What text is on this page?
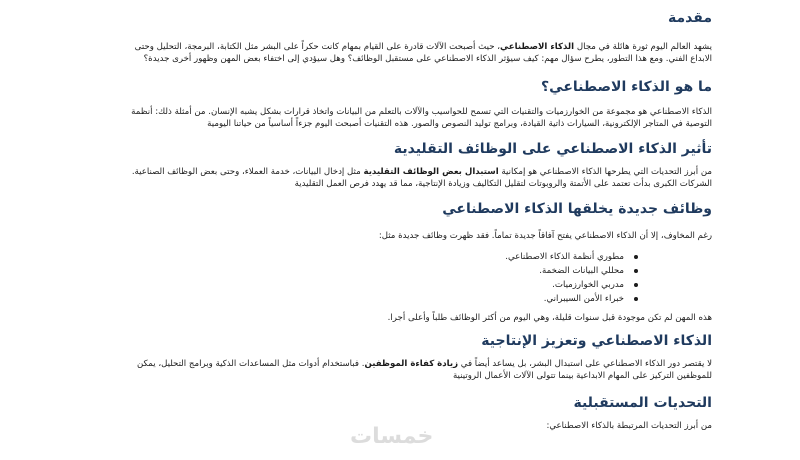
مقدمة

يشهد العالم اليوم ثورة هائلة في مجال الذكاء الاصطناعي، حيث أصبحت الآلات قادرة على القيام بمهام كانت حكراً على البشر مثل الكتابة، البرمجة، التحليل وحتى الابداع الفني. ومع هذا التطور، يطرح سؤال مهم: كيف سيؤثر الذكاء الاصطناعي على مستقبل الوظائف؟ وهل سيؤدي إلى اختفاء بعض المهن وظهور أخرى جديدة؟

ما هو الذكاء الاصطناعي؟

الذكاء الاصطناعي هو مجموعة من الخوارزميات والتقنيات التي تسمح للحواسيب والآلات بالتعلم من البيانات واتخاذ قرارات بشكل يشبه الإنسان. من أمثلة ذلك: أنظمة التوصية في المتاجر الإلكترونية، السيارات ذاتية القيادة، وبرامج توليد النصوص والصور. هذه التقنيات أصبحت اليوم جزءاً أساسياً من حياتنا اليومية

تأثير الذكاء الاصطناعي على الوظائف التقليدية

من أبرز التحديات التي يطرحها الذكاء الاصطناعي هو إمكانية استبدال بعض الوظائف التقليدية مثل إدخال البيانات، خدمة العملاء، وحتى بعض الوظائف الصناعية. الشركات الكبرى بدأت تعتمد على الأتمتة والروبوتات لتقليل التكاليف وزيادة الإنتاجية، مما قد يهدد فرص العمل التقليدية

وظائف جديدة يخلقها الذكاء الاصطناعي

رغم المخاوف، إلا أن الذكاء الاصطناعي يفتح آفاقاً جديدة تماماً. فقد ظهرت وظائف جديدة مثل:

مطوري أنظمة الذكاء الاصطناعي.
محللي البيانات الضخمة.
مدربي الخوارزميات.
خبراء الأمن السيبراني.

هذه المهن لم تكن موجودة قبل سنوات قليلة، وهي اليوم من أكثر الوظائف طلباً وأعلى أجرا.

الذكاء الاصطناعي وتعزيز الإنتاجية

لا يقتصر دور الذكاء الاصطناعي على استبدال البشر، بل يساعد أيضاً في زيادة كفاءة الموظفين. فباستخدام أدوات مثل المساعدات الذكية وبرامج التحليل، يمكن للموظفين التركيز على المهام الابداعية بينما تتولى الآلات الأعمال الروتينية

التحديات المستقبلية

من أبرز التحديات المرتبطة بالذكاء الاصطناعي:

خمسات
